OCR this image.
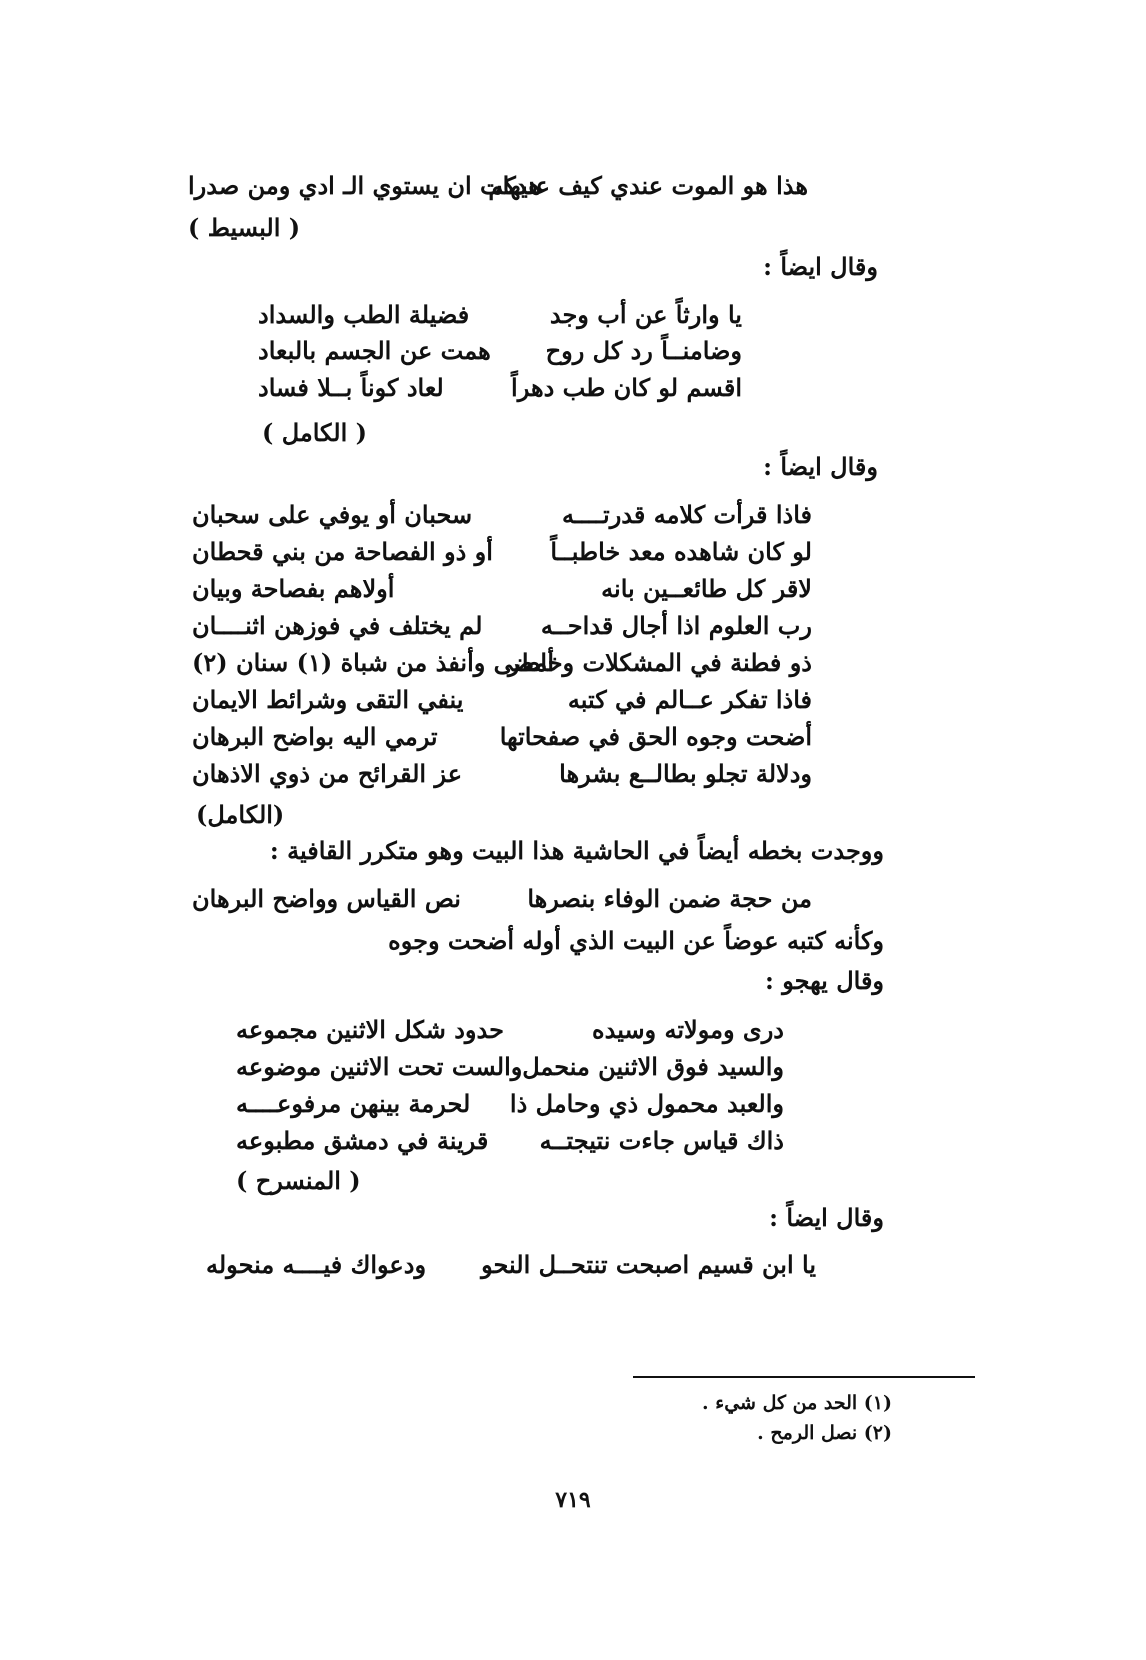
هذا هو الموت عندي كيف عندكم
هيهات ان يستوي الـ ادي ومن صدرا
( البسيط )
وقال ايضاً :
يا وارثاً عن أب وجد
فضيلة الطب والسداد
وضامنــاً رد كل روح
همت عن الجسم بالبعاد
اقسم لو كان طب دهراً
لعاد كوناً بــلا فساد
( الكامل )
وقال ايضاً :
فاذا قرأت كلامه قدرتــــه
سحبان أو يوفي على سحبان
لو كان شاهده معد خاطبــاً
أو ذو الفصاحة من بني قحطان
لاقر كل طائعــين بانه
أولاهم بفصاحة وبيان
رب العلوم اذا أجال قداحــه
لم يختلف في فوزهن اثنــــان
ذو فطنة في المشكلات وخاطر
أمضى وأنفذ من شباة (١) سنان (٢)
فاذا تفكر عــالم في كتبه
ينفي التقى وشرائط الايمان
أضحت وجوه الحق في صفحاتها
ترمي اليه بواضح البرهان
ودلالة تجلو بطالــع بشرها
عز القرائح من ذوي الاذهان
(الكامل)
ووجدت بخطه أيضاً في الحاشية هذا البيت وهو متكرر القافية :
من حجة ضمن الوفاء بنصرها
نص القياس وواضح البرهان
وكأنه كتبه عوضاً عن البيت الذي أوله أضحت وجوه
وقال يهجو :
درى ومولاته وسيده
حدود شكل الاثنين مجموعه
والسيد فوق الاثنين منحمل
والست تحت الاثنين موضوعه
والعبد محمول ذي وحامل ذا
لحرمة بينهن مرفوعــــه
ذاك قياس جاءت نتيجتــه
قرينة في دمشق مطبوعه
( المنسرح )
وقال ايضاً :
يا ابن قسيم اصبحت تنتحــل النحو
ودعواك فيــــه منحوله
(١) الحد من كل شيء .
(٢) نصل الرمح .
٧١٩
